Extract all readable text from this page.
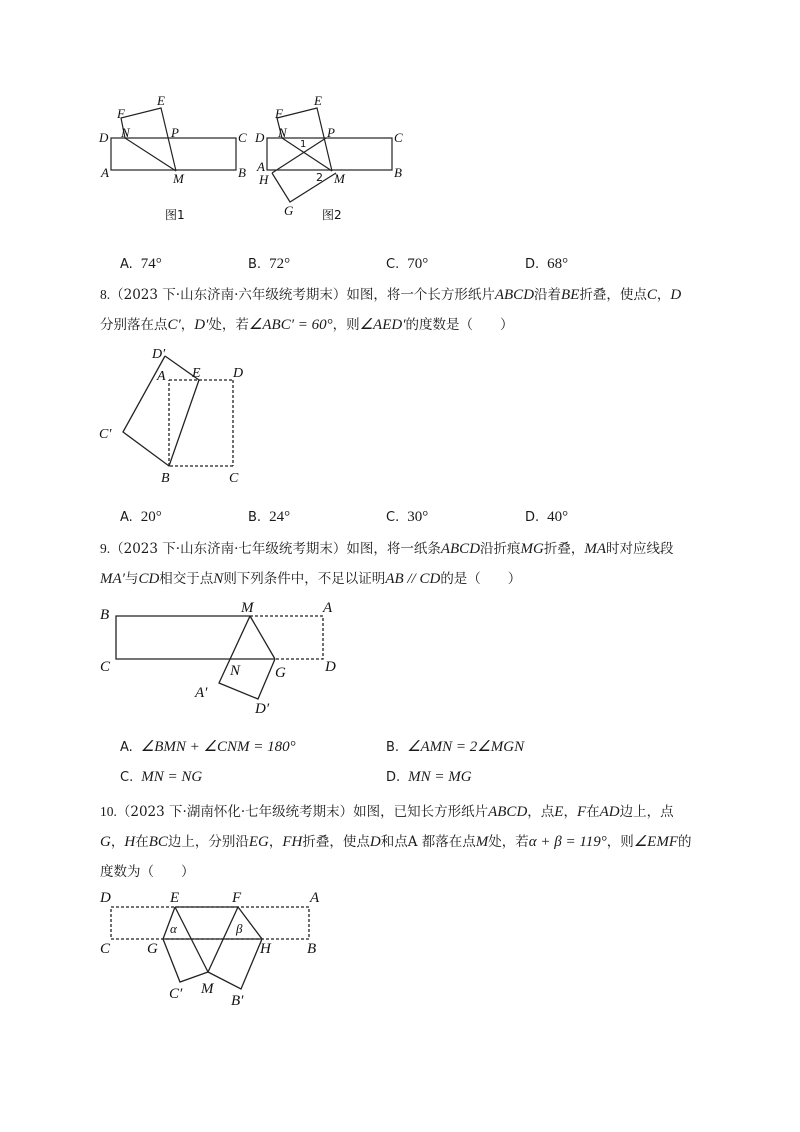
F
E
D N	P	C
A	M	B
图1
F
E
D N	P	C
A
H
1
2 M	B
G 图2
A. 74°	B. 72°	C. 70°	D. 68°
8.（2023 下·山东济南·六年级统考期末）如图，将一个长方形纸片ABCD沿着BE折叠，使点C，D
分别落在点C′，D′处，若∠ABC′ = 60°，则∠AED′的度数是（　　）
D′
A E D
C′
B	C
A. 20°	B. 24°	C. 30°	D. 40°
9.（2023 下·山东济南·七年级统考期末）如图，将一纸条ABCD沿折痕MG折叠，MA时对应线段
MA′与CD相交于点N则下列条件中，不足以证明AB // CD的是（　　）
B	M	A
C	N G	D
A′
D′
A. ∠BMN + ∠CNM = 180°	B. ∠AMN = 2∠MGN
C. MN = NG	D. MN = MG
10.（2023 下·湖南怀化·七年级统考期末）如图，已知长方形纸片ABCD，点E，F在AD边上，点
G，H在BC边上，分别沿EG，FH折叠，使点D和点A 都落在点M处，若α + β = 119°，则∠EMF的
度数为（　　）
D	E	F	A
α	β
C G	H B
C′ M
B′
